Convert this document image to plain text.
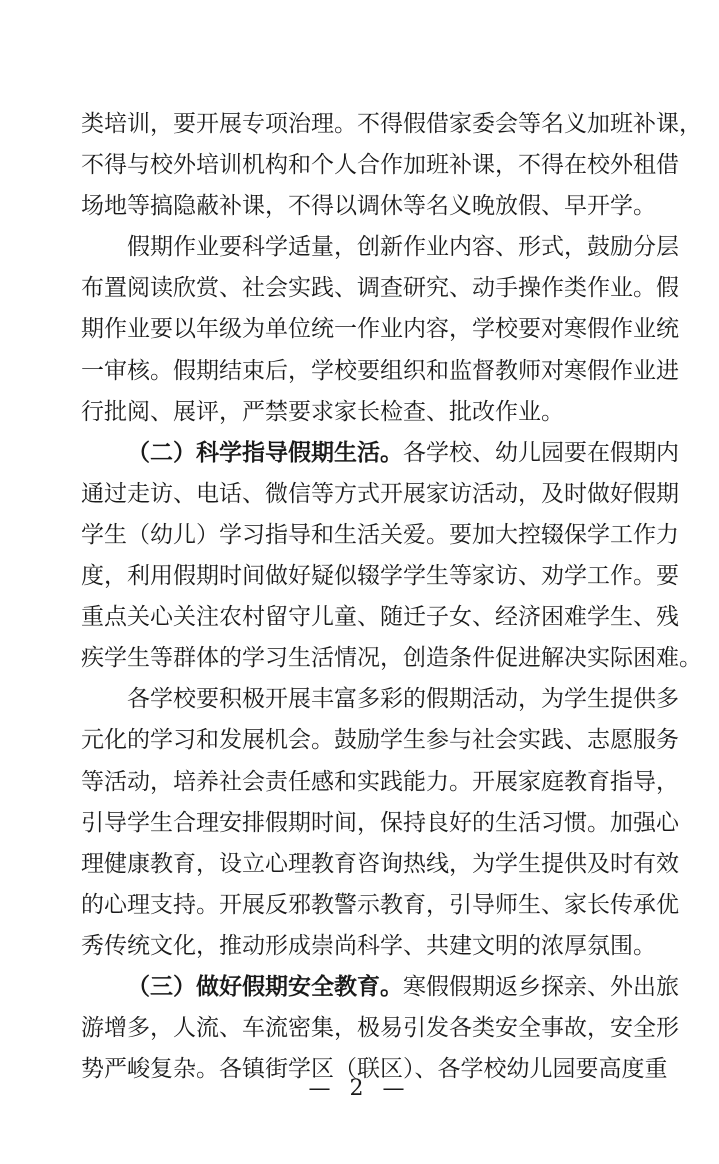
类培训，要开展专项治理。不得假借家委会等名义加班补课，
不得与校外培训机构和个人合作加班补课，不得在校外租借
场地等搞隐蔽补课，不得以调休等名义晚放假、早开学。
假期作业要科学适量，创新作业内容、形式，鼓励分层
布置阅读欣赏、社会实践、调查研究、动手操作类作业。假
期作业要以年级为单位统一作业内容，学校要对寒假作业统
一审核。假期结束后，学校要组织和监督教师对寒假作业进
行批阅、展评，严禁要求家长检查、批改作业。
（二）科学指导假期生活。各学校、幼儿园要在假期内
通过走访、电话、微信等方式开展家访活动，及时做好假期
学生（幼儿）学习指导和生活关爱。要加大控辍保学工作力
度，利用假期时间做好疑似辍学学生等家访、劝学工作。要
重点关心关注农村留守儿童、随迁子女、经济困难学生、残
疾学生等群体的学习生活情况，创造条件促进解决实际困难。
各学校要积极开展丰富多彩的假期活动，为学生提供多
元化的学习和发展机会。鼓励学生参与社会实践、志愿服务
等活动，培养社会责任感和实践能力。开展家庭教育指导，
引导学生合理安排假期时间，保持良好的生活习惯。加强心
理健康教育，设立心理教育咨询热线，为学生提供及时有效
的心理支持。开展反邪教警示教育，引导师生、家长传承优
秀传统文化，推动形成崇尚科学、共建文明的浓厚氛围。
（三）做好假期安全教育。寒假假期返乡探亲、外出旅
游增多，人流、车流密集，极易引发各类安全事故，安全形
势严峻复杂。各镇街学区（联区）、各学校幼儿园要高度重
— 2 —
